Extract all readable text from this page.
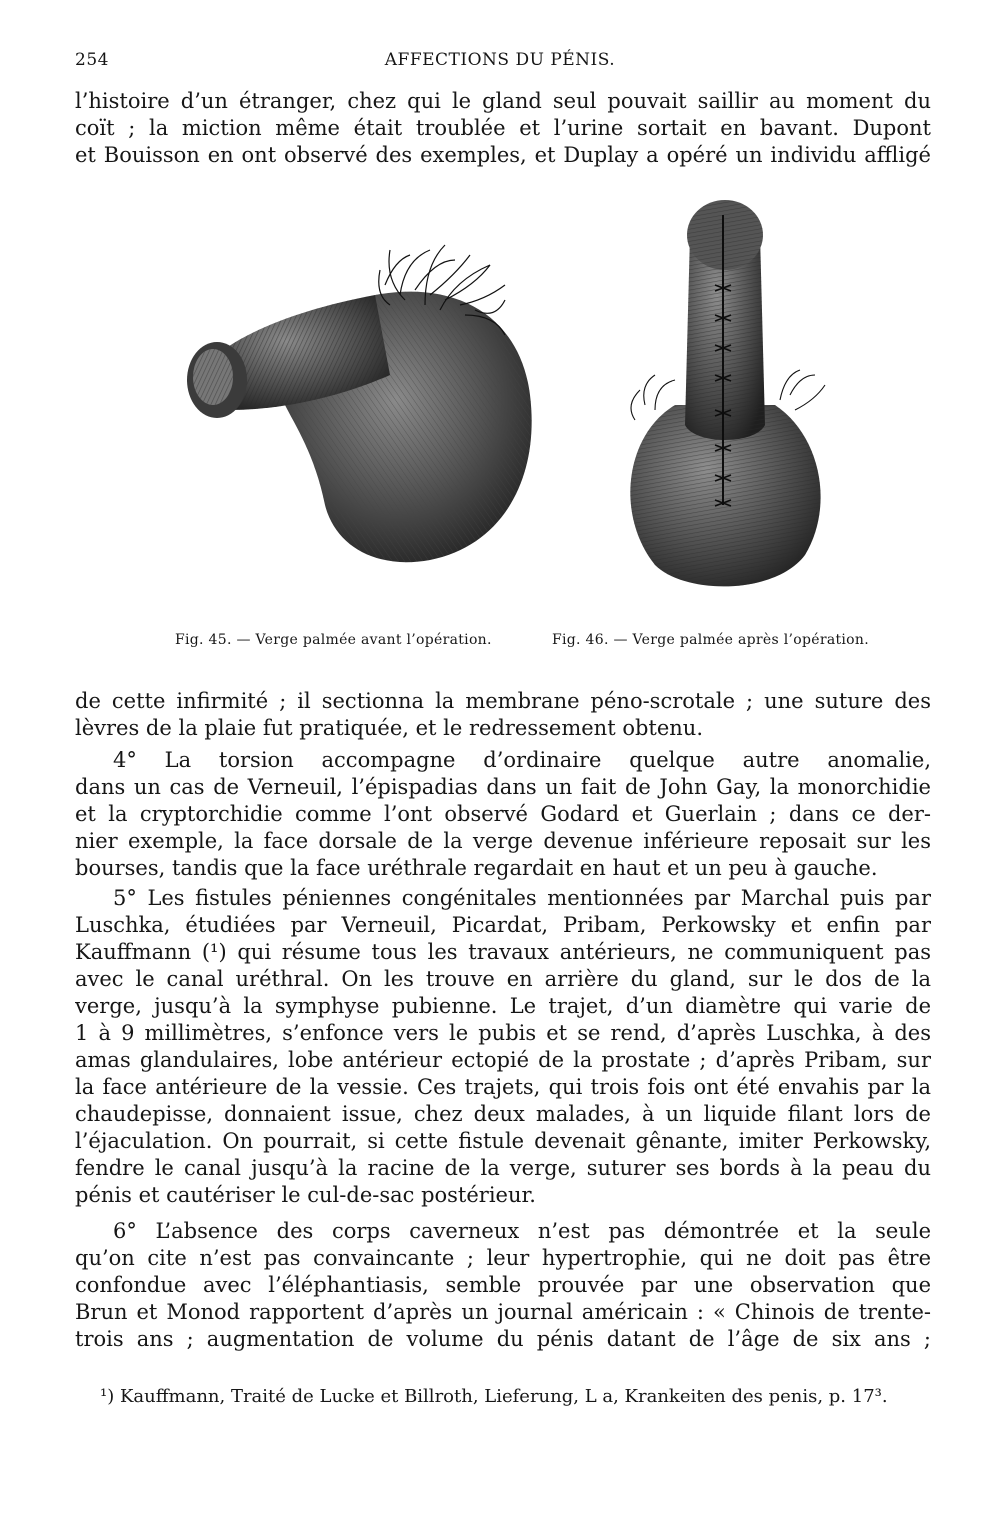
254	AFFECTIONS DU PÉNIS.
l’histoire d’un étranger, chez qui le gland seul pouvait saillir au moment du
coït ; la miction même était troublée et l’urine sortait en bavant. Dupont
et Bouisson en ont observé des exemples, et Duplay a opéré un individu affligé
Fig. 45. — Verge palmée avant l’opération.	Fig. 46. — Verge palmée après l’opération.
de cette infirmité ; il sectionna la membrane péno-scrotale ; une suture des
lèvres de la plaie fut pratiquée, et le redressement obtenu.
4° La torsion accompagne d’ordinaire quelque autre anomalie,
dans un cas de Verneuil, l’épispadias dans un fait de John Gay, la monorchidie
et la cryptorchidie comme l’ont observé Godard et Guerlain ; dans ce der-
nier exemple, la face dorsale de la verge devenue inférieure reposait sur les
bourses, tandis que la face uréthrale regardait en haut et un peu à gauche.
5° Les fistules péniennes congénitales mentionnées par Marchal puis par
Luschka, étudiées par Verneuil, Picardat, Pribam, Perkowsky et enfin par
Kauffmann (¹) qui résume tous les travaux antérieurs, ne communiquent pas
avec le canal uréthral. On les trouve en arrière du gland, sur le dos de la
verge, jusqu’à la symphyse pubienne. Le trajet, d’un diamètre qui varie de
1 à 9 millimètres, s’enfonce vers le pubis et se rend, d’après Luschka, à des
amas glandulaires, lobe antérieur ectopié de la prostate ; d’après Pribam, sur
la face antérieure de la vessie. Ces trajets, qui trois fois ont été envahis par la
chaudepisse, donnaient issue, chez deux malades, à un liquide filant lors de
l’éjaculation. On pourrait, si cette fistule devenait gênante, imiter Perkowsky,
fendre le canal jusqu’à la racine de la verge, suturer ses bords à la peau du
pénis et cautériser le cul-de-sac postérieur.
6° L’absence des corps caverneux n’est pas démontrée et la seule
qu’on cite n’est pas convaincante ; leur hypertrophie, qui ne doit pas être
confondue avec l’éléphantiasis, semble prouvée par une observation que
Brun et Monod rapportent d’après un journal américain : « Chinois de trente-
trois ans ; augmentation de volume du pénis datant de l’âge de six ans ;
¹) Kauffmann, Traité de Lucke et Billroth, Lieferung, L a, Krankeiten des penis, p. 17³.
